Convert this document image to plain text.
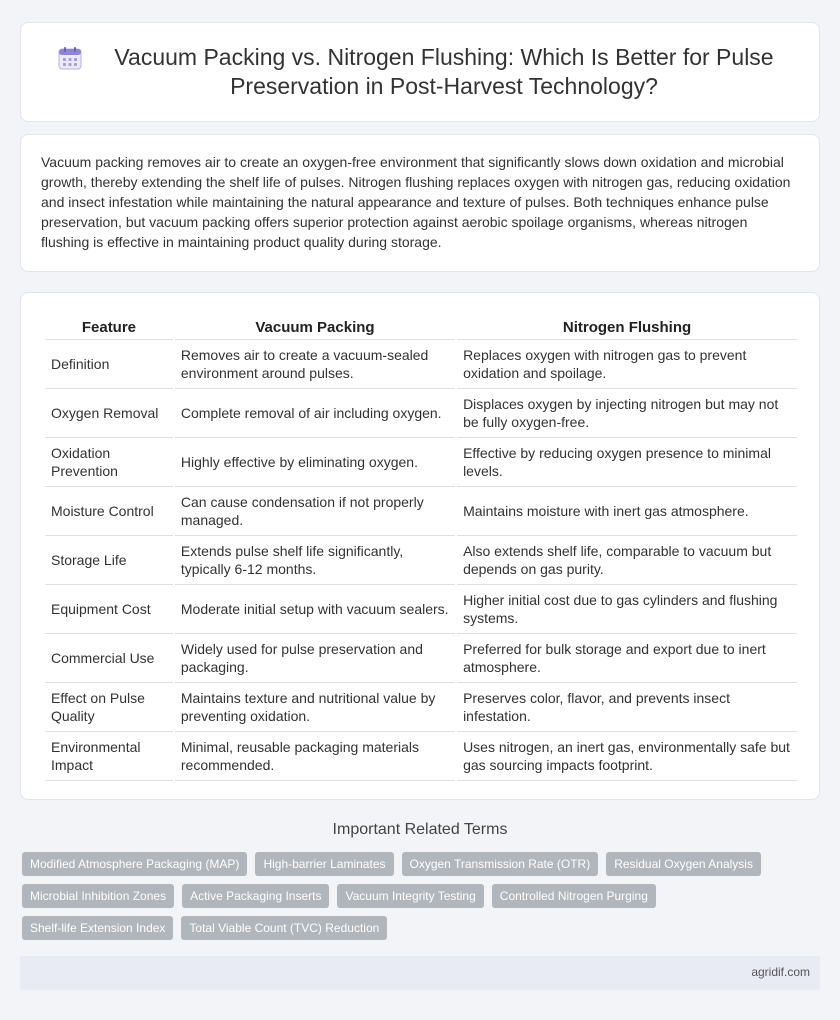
Vacuum Packing vs. Nitrogen Flushing: Which Is Better for Pulse Preservation in Post-Harvest Technology?

Vacuum packing removes air to create an oxygen-free environment that significantly slows down oxidation and microbial growth, thereby extending the shelf life of pulses. Nitrogen flushing replaces oxygen with nitrogen gas, reducing oxidation and insect infestation while maintaining the natural appearance and texture of pulses. Both techniques enhance pulse preservation, but vacuum packing offers superior protection against aerobic spoilage organisms, whereas nitrogen flushing is effective in maintaining product quality during storage.

Feature	Vacuum Packing	Nitrogen Flushing
Definition	Removes air to create a vacuum-sealed environment around pulses.	Replaces oxygen with nitrogen gas to prevent oxidation and spoilage.
Oxygen Removal	Complete removal of air including oxygen.	Displaces oxygen by injecting nitrogen but may not be fully oxygen-free.
Oxidation Prevention	Highly effective by eliminating oxygen.	Effective by reducing oxygen presence to minimal levels.
Moisture Control	Can cause condensation if not properly managed.	Maintains moisture with inert gas atmosphere.
Storage Life	Extends pulse shelf life significantly, typically 6-12 months.	Also extends shelf life, comparable to vacuum but depends on gas purity.
Equipment Cost	Moderate initial setup with vacuum sealers.	Higher initial cost due to gas cylinders and flushing systems.
Commercial Use	Widely used for pulse preservation and packaging.	Preferred for bulk storage and export due to inert atmosphere.
Effect on Pulse Quality	Maintains texture and nutritional value by preventing oxidation.	Preserves color, flavor, and prevents insect infestation.
Environmental Impact	Minimal, reusable packaging materials recommended.	Uses nitrogen, an inert gas, environmentally safe but gas sourcing impacts footprint.
Important Related Terms
Modified Atmosphere Packaging (MAP)	High-barrier Laminates	Oxygen Transmission Rate (OTR)	Residual Oxygen Analysis
Microbial Inhibition Zones	Active Packaging Inserts	Vacuum Integrity Testing	Controlled Nitrogen Purging
Shelf-life Extension Index	Total Viable Count (TVC) Reduction
agridif.com
